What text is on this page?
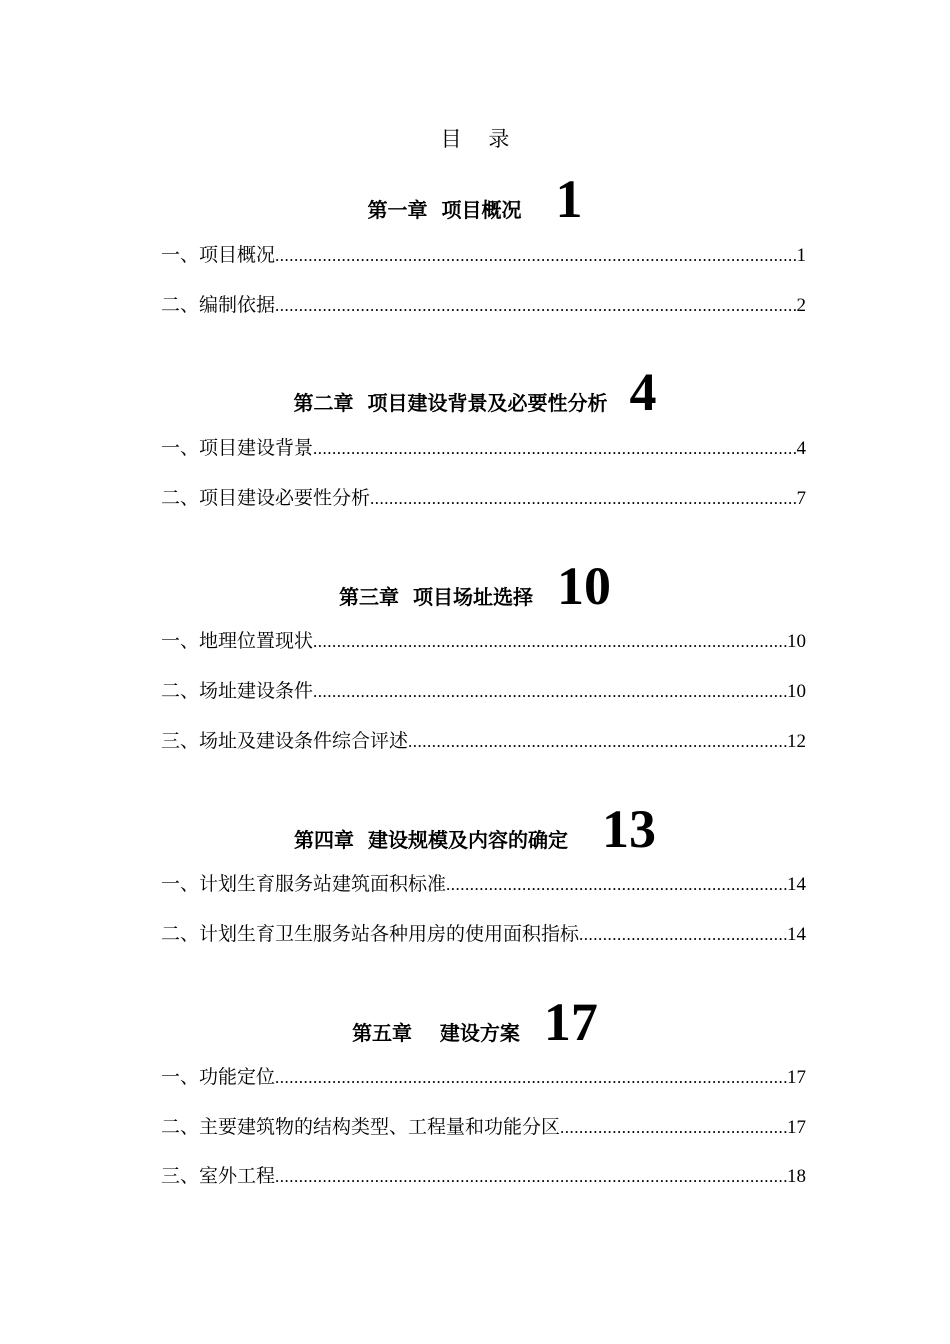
目    录
第一章  项目概况 1
一、项目概况 .....	1
二、编制依据 .....	2
第二章  项目建设背景及必要性分析 4
一、项目建设背景 .....	4
二、项目建设必要性分析 .....	7
第三章  项目场址选择 10
一、地理位置现状 .....	10
二、场址建设条件 .....	10
三、场址及建设条件综合评述 .....	12
第四章  建设规模及内容的确定 13
一、计划生育服务站建筑面积标准 .....	14
二、计划生育卫生服务站各种用房的使用面积指标 .....	14
第五章    建设方案 17
一、功能定位 .....	17
二、主要建筑物的结构类型、工程量和功能分区 .....	17
三、室外工程 .....	18
